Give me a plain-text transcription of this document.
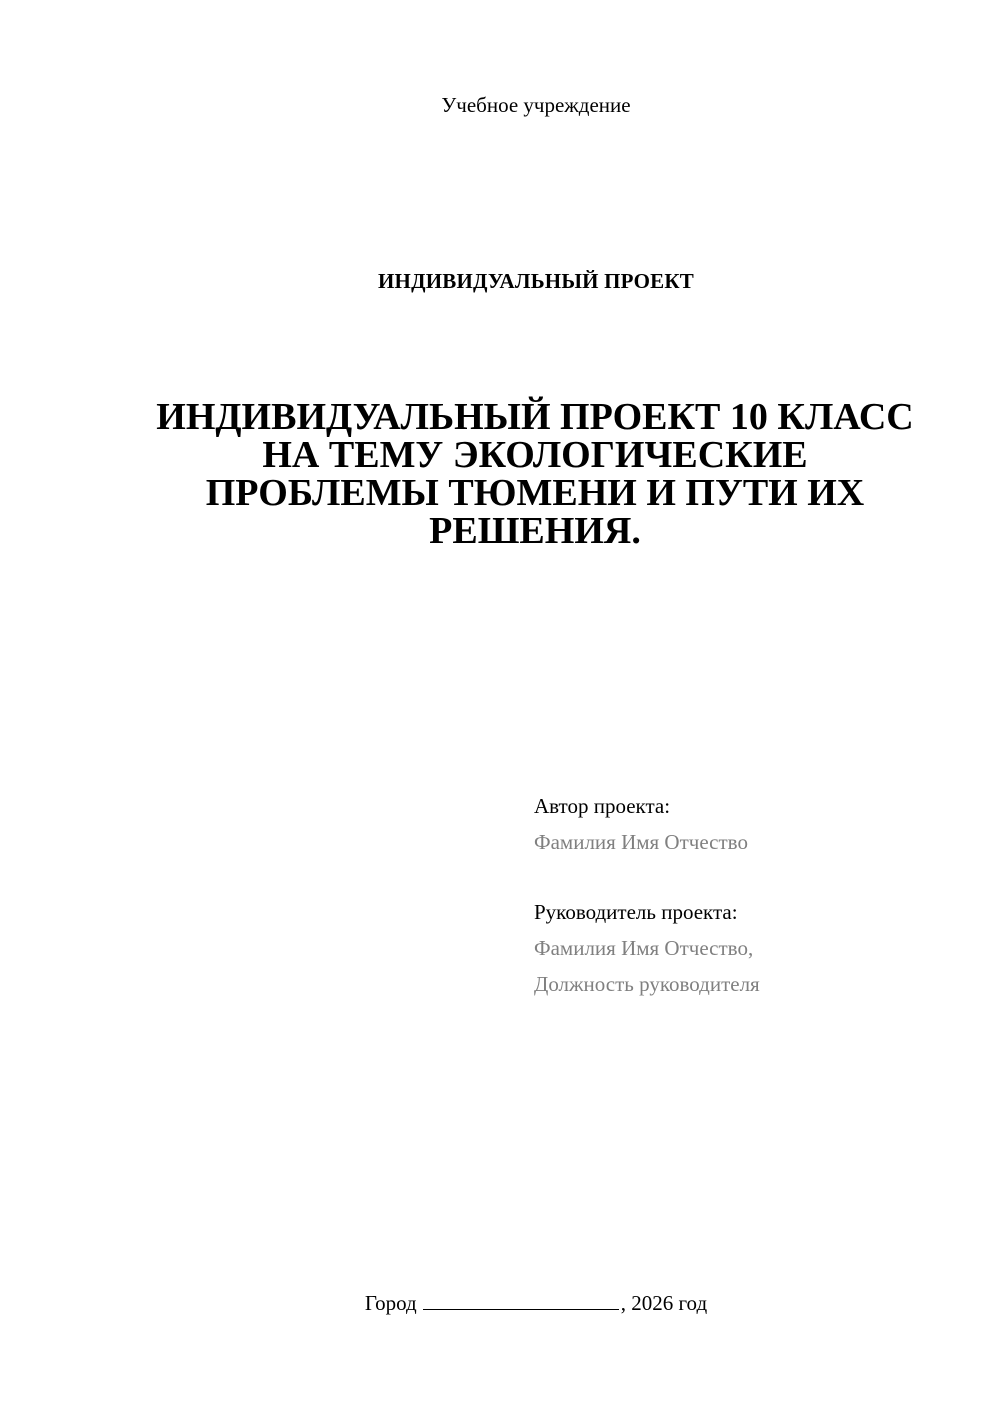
Учебное учреждение
ИНДИВИДУАЛЬНЫЙ ПРОЕКТ
ИНДИВИДУАЛЬНЫЙ ПРОЕКТ 10 КЛАСС
НА ТЕМУ ЭКОЛОГИЧЕСКИЕ
ПРОБЛЕМЫ ТЮМЕНИ И ПУТИ ИХ
РЕШЕНИЯ.
Автор проекта:
Фамилия Имя Отчество
Руководитель проекта:
Фамилия Имя Отчество,
Должность руководителя
Город	, 2026 год
